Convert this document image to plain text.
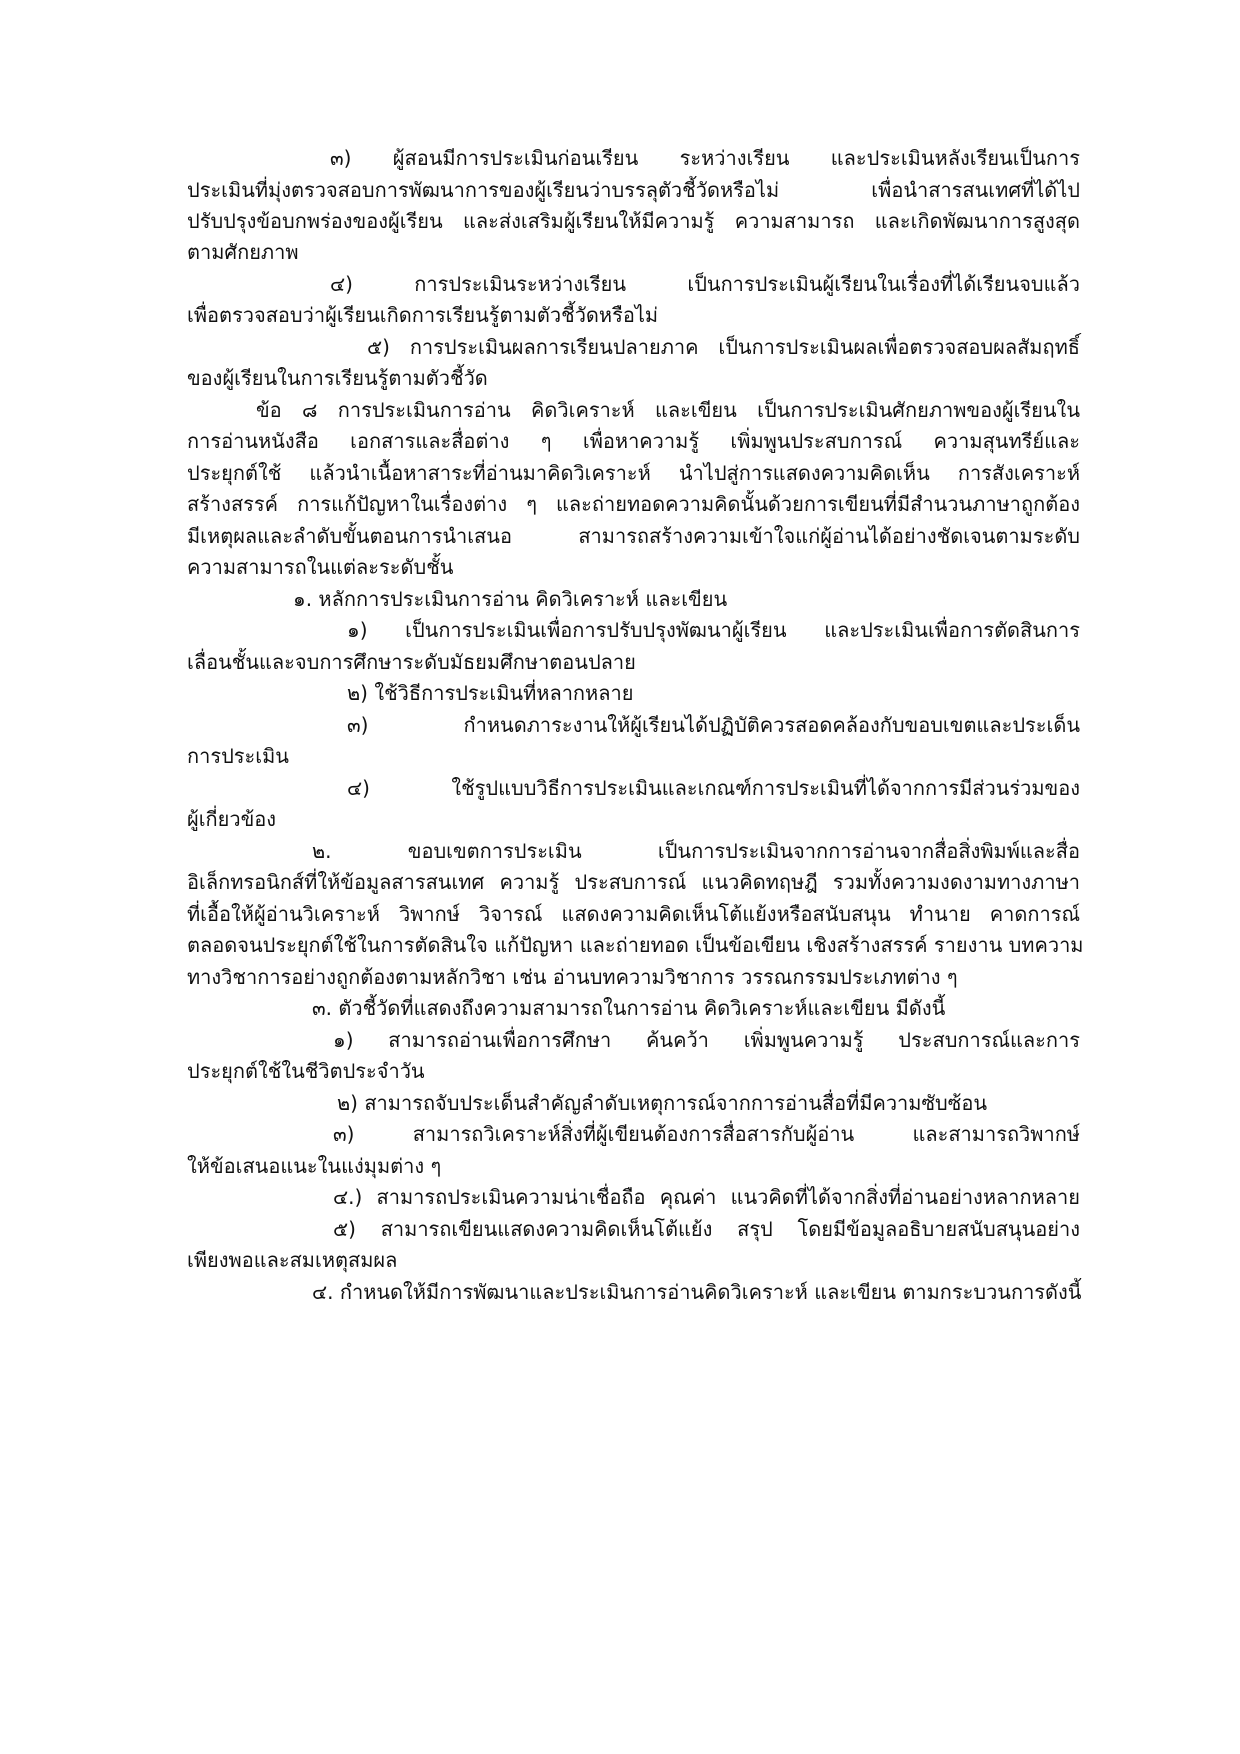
๓) ผู้สอนมีการประเมินก่อนเรียน ระหว่างเรียน และประเมินหลังเรียนเป็นการ

ประเมินที่มุ่งตรวจสอบการพัฒนาการของผู้เรียนว่าบรรลุตัวชี้วัดหรือไม่ เพื่อนำสารสนเทศที่ได้ไป

ปรับปรุงข้อบกพร่องของผู้เรียน และส่งเสริมผู้เรียนให้มีความรู้ ความสามารถ และเกิดพัฒนาการสูงสุด

ตามศักยภาพ

๔) การประเมินระหว่างเรียน เป็นการประเมินผู้เรียนในเรื่องที่ได้เรียนจบแล้ว

เพื่อตรวจสอบว่าผู้เรียนเกิดการเรียนรู้ตามตัวชี้วัดหรือไม่

๕) การประเมินผลการเรียนปลายภาค เป็นการประเมินผลเพื่อตรวจสอบผลสัมฤทธิ์

ของผู้เรียนในการเรียนรู้ตามตัวชี้วัด

ข้อ ๘ การประเมินการอ่าน คิดวิเคราะห์ และเขียน เป็นการประเมินศักยภาพของผู้เรียนใน

การอ่านหนังสือ เอกสารและสื่อต่าง ๆ เพื่อหาความรู้ เพิ่มพูนประสบการณ์ ความสุนทรีย์และ

ประยุกต์ใช้ แล้วนำเนื้อหาสาระที่อ่านมาคิดวิเคราะห์ นำไปสู่การแสดงความคิดเห็น การสังเคราะห์

สร้างสรรค์ การแก้ปัญหาในเรื่องต่าง ๆ และถ่ายทอดความคิดนั้นด้วยการเขียนที่มีสำนวนภาษาถูกต้อง

มีเหตุผลและลำดับขั้นตอนการนำเสนอ สามารถสร้างความเข้าใจแก่ผู้อ่านได้อย่างชัดเจนตามระดับ

ความสามารถในแต่ละระดับชั้น

๑. หลักการประเมินการอ่าน คิดวิเคราะห์ และเขียน

๑) เป็นการประเมินเพื่อการปรับปรุงพัฒนาผู้เรียน และประเมินเพื่อการตัดสินการ

เลื่อนชั้นและจบการศึกษาระดับมัธยมศึกษาตอนปลาย

๒) ใช้วิธีการประเมินที่หลากหลาย

๓) กำหนดภาระงานให้ผู้เรียนได้ปฏิบัติควรสอดคล้องกับขอบเขตและประเด็น

การประเมิน

๔) ใช้รูปแบบวิธีการประเมินและเกณฑ์การประเมินที่ได้จากการมีส่วนร่วมของ

ผู้เกี่ยวข้อง

๒. ขอบเขตการประเมิน เป็นการประเมินจากการอ่านจากสื่อสิ่งพิมพ์และสื่อ

อิเล็กทรอนิกส์ที่ให้ข้อมูลสารสนเทศ ความรู้ ประสบการณ์ แนวคิดทฤษฎี รวมทั้งความงดงามทางภาษา

ที่เอื้อให้ผู้อ่านวิเคราะห์ วิพากษ์ วิจารณ์ แสดงความคิดเห็นโต้แย้งหรือสนับสนุน ทำนาย คาดการณ์

ตลอดจนประยุกต์ใช้ในการตัดสินใจ แก้ปัญหา และถ่ายทอด เป็นข้อเขียน เชิงสร้างสรรค์ รายงาน บทความ

ทางวิชาการอย่างถูกต้องตามหลักวิชา เช่น อ่านบทความวิชาการ วรรณกรรมประเภทต่าง ๆ

๓. ตัวชี้วัดที่แสดงถึงความสามารถในการอ่าน คิดวิเคราะห์และเขียน มีดังนี้

๑) สามารถอ่านเพื่อการศึกษา ค้นคว้า เพิ่มพูนความรู้ ประสบการณ์และการ

ประยุกต์ใช้ในชีวิตประจำวัน

๒) สามารถจับประเด็นสำคัญลำดับเหตุการณ์จากการอ่านสื่อที่มีความซับซ้อน

๓) สามารถวิเคราะห์สิ่งที่ผู้เขียนต้องการสื่อสารกับผู้อ่าน และสามารถวิพากษ์

ให้ข้อเสนอแนะในแง่มุมต่าง ๆ

๔.) สามารถประเมินความน่าเชื่อถือ คุณค่า แนวคิดที่ได้จากสิ่งที่อ่านอย่างหลากหลาย

๕) สามารถเขียนแสดงความคิดเห็นโต้แย้ง สรุป โดยมีข้อมูลอธิบายสนับสนุนอย่าง

เพียงพอและสมเหตุสมผล

๔. กำหนดให้มีการพัฒนาและประเมินการอ่านคิดวิเคราะห์ และเขียน ตามกระบวนการดังนี้
